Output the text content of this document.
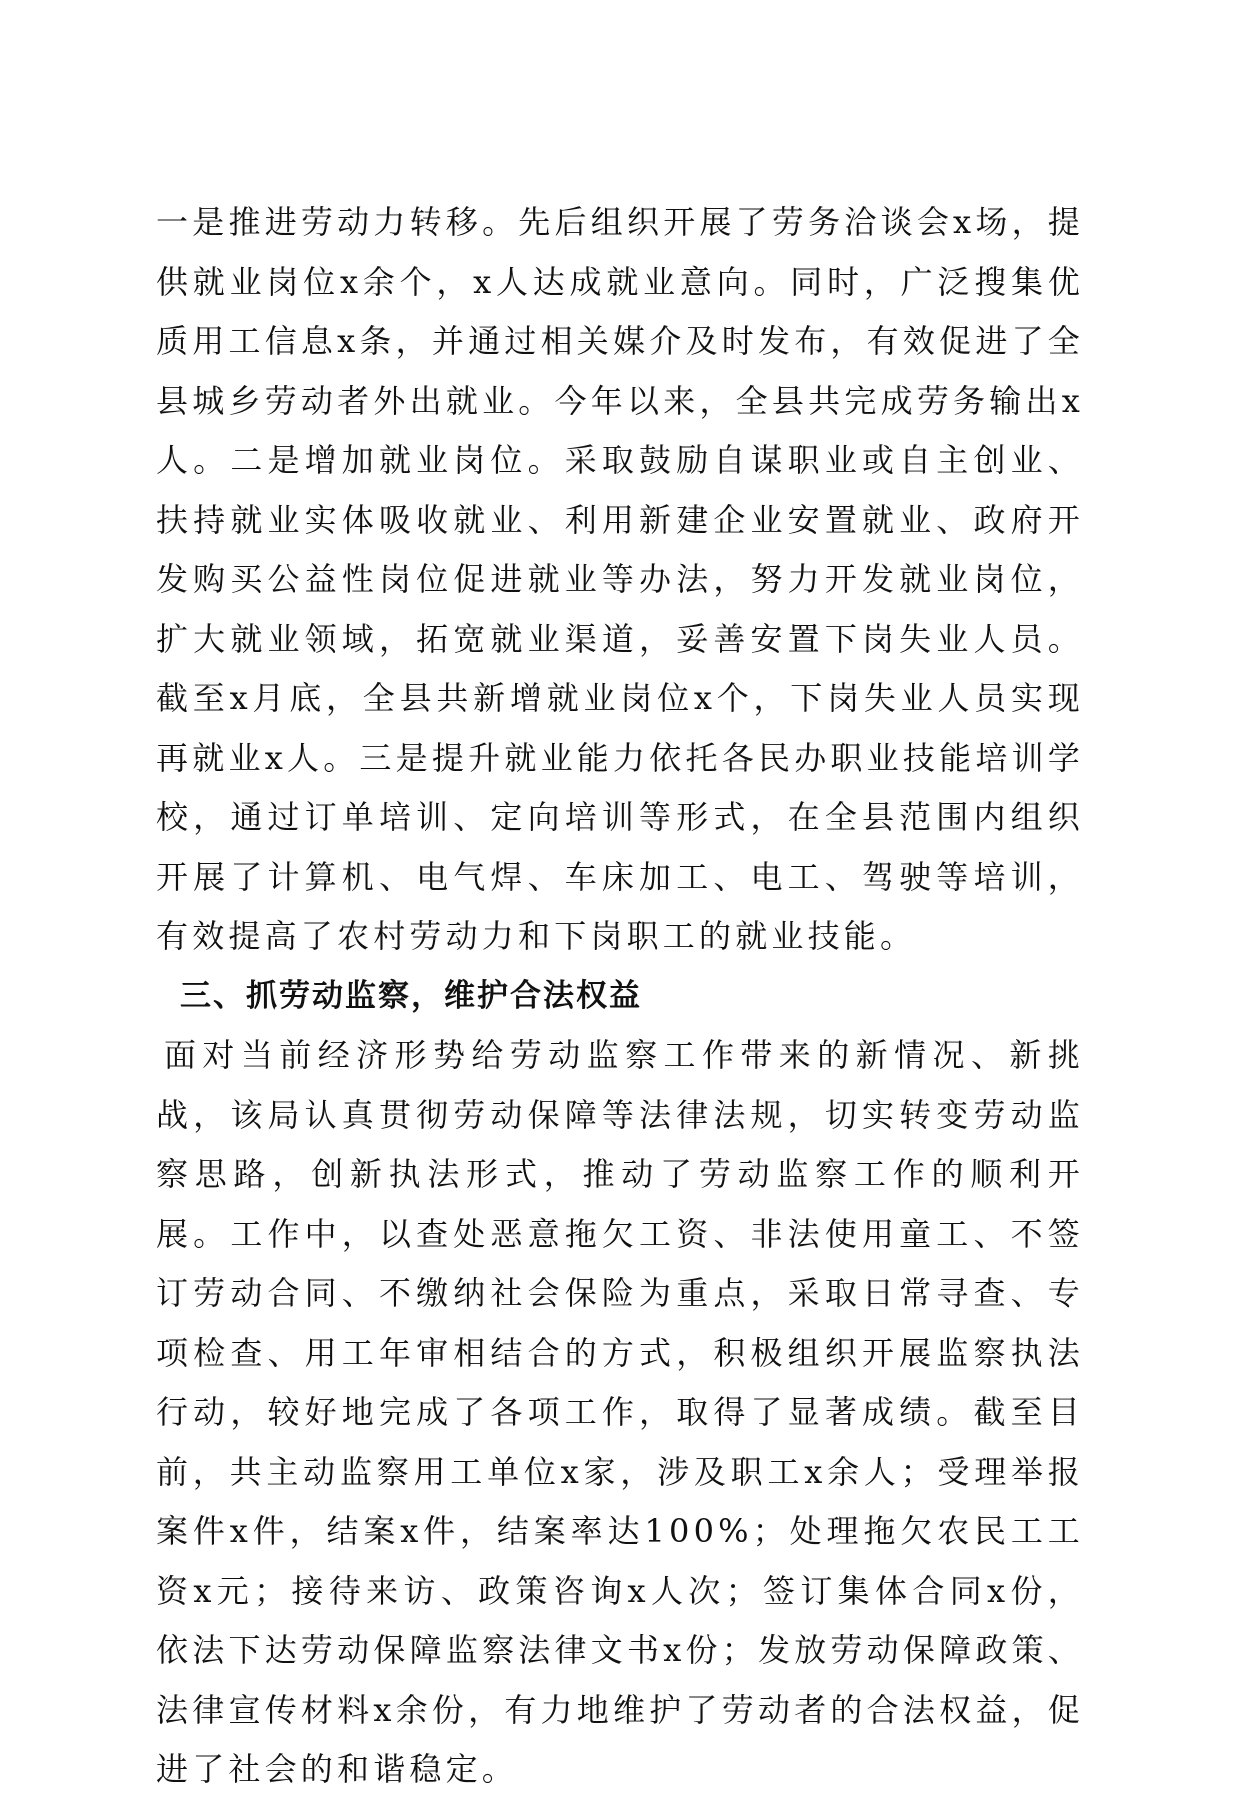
一是推进劳动力转移。先后组织开展了劳务洽谈会x场，提供就业岗位x余个，x人达成就业意向。同时，广泛搜集优质用工信息x条，并通过相关媒介及时发布，有效促进了全县城乡劳动者外出就业。今年以来，全县共完成劳务输出x人。二是增加就业岗位。采取鼓励自谋职业或自主创业、扶持就业实体吸收就业、利用新建企业安置就业、政府开发购买公益性岗位促进就业等办法，努力开发就业岗位，扩大就业领域，拓宽就业渠道，妥善安置下岗失业人员。截至x月底，全县共新增就业岗位x个，下岗失业人员实现再就业x人。三是提升就业能力依托各民办职业技能培训学校，通过订单培训、定向培训等形式，在全县范围内组织开展了计算机、电气焊、车床加工、电工、驾驶等培训，有效提高了农村劳动力和下岗职工的就业技能。

三、抓劳动监察，维护合法权益

面对当前经济形势给劳动监察工作带来的新情况、新挑战，该局认真贯彻劳动保障等法律法规，切实转变劳动监察思路，创新执法形式，推动了劳动监察工作的顺利开展。工作中，以查处恶意拖欠工资、非法使用童工、不签订劳动合同、不缴纳社会保险为重点，采取日常寻查、专项检查、用工年审相结合的方式，积极组织开展监察执法行动，较好地完成了各项工作，取得了显著成绩。截至目前，共主动监察用工单位x家，涉及职工x余人；受理举报案件x件，结案x件，结案率达100%；处理拖欠农民工工资x元；接待来访、政策咨询x人次；签订集体合同x份，依法下达劳动保障监察法律文书x份；发放劳动保障政策、法律宣传材料x余份，有力地维护了劳动者的合法权益，促进了社会的和谐稳定。
